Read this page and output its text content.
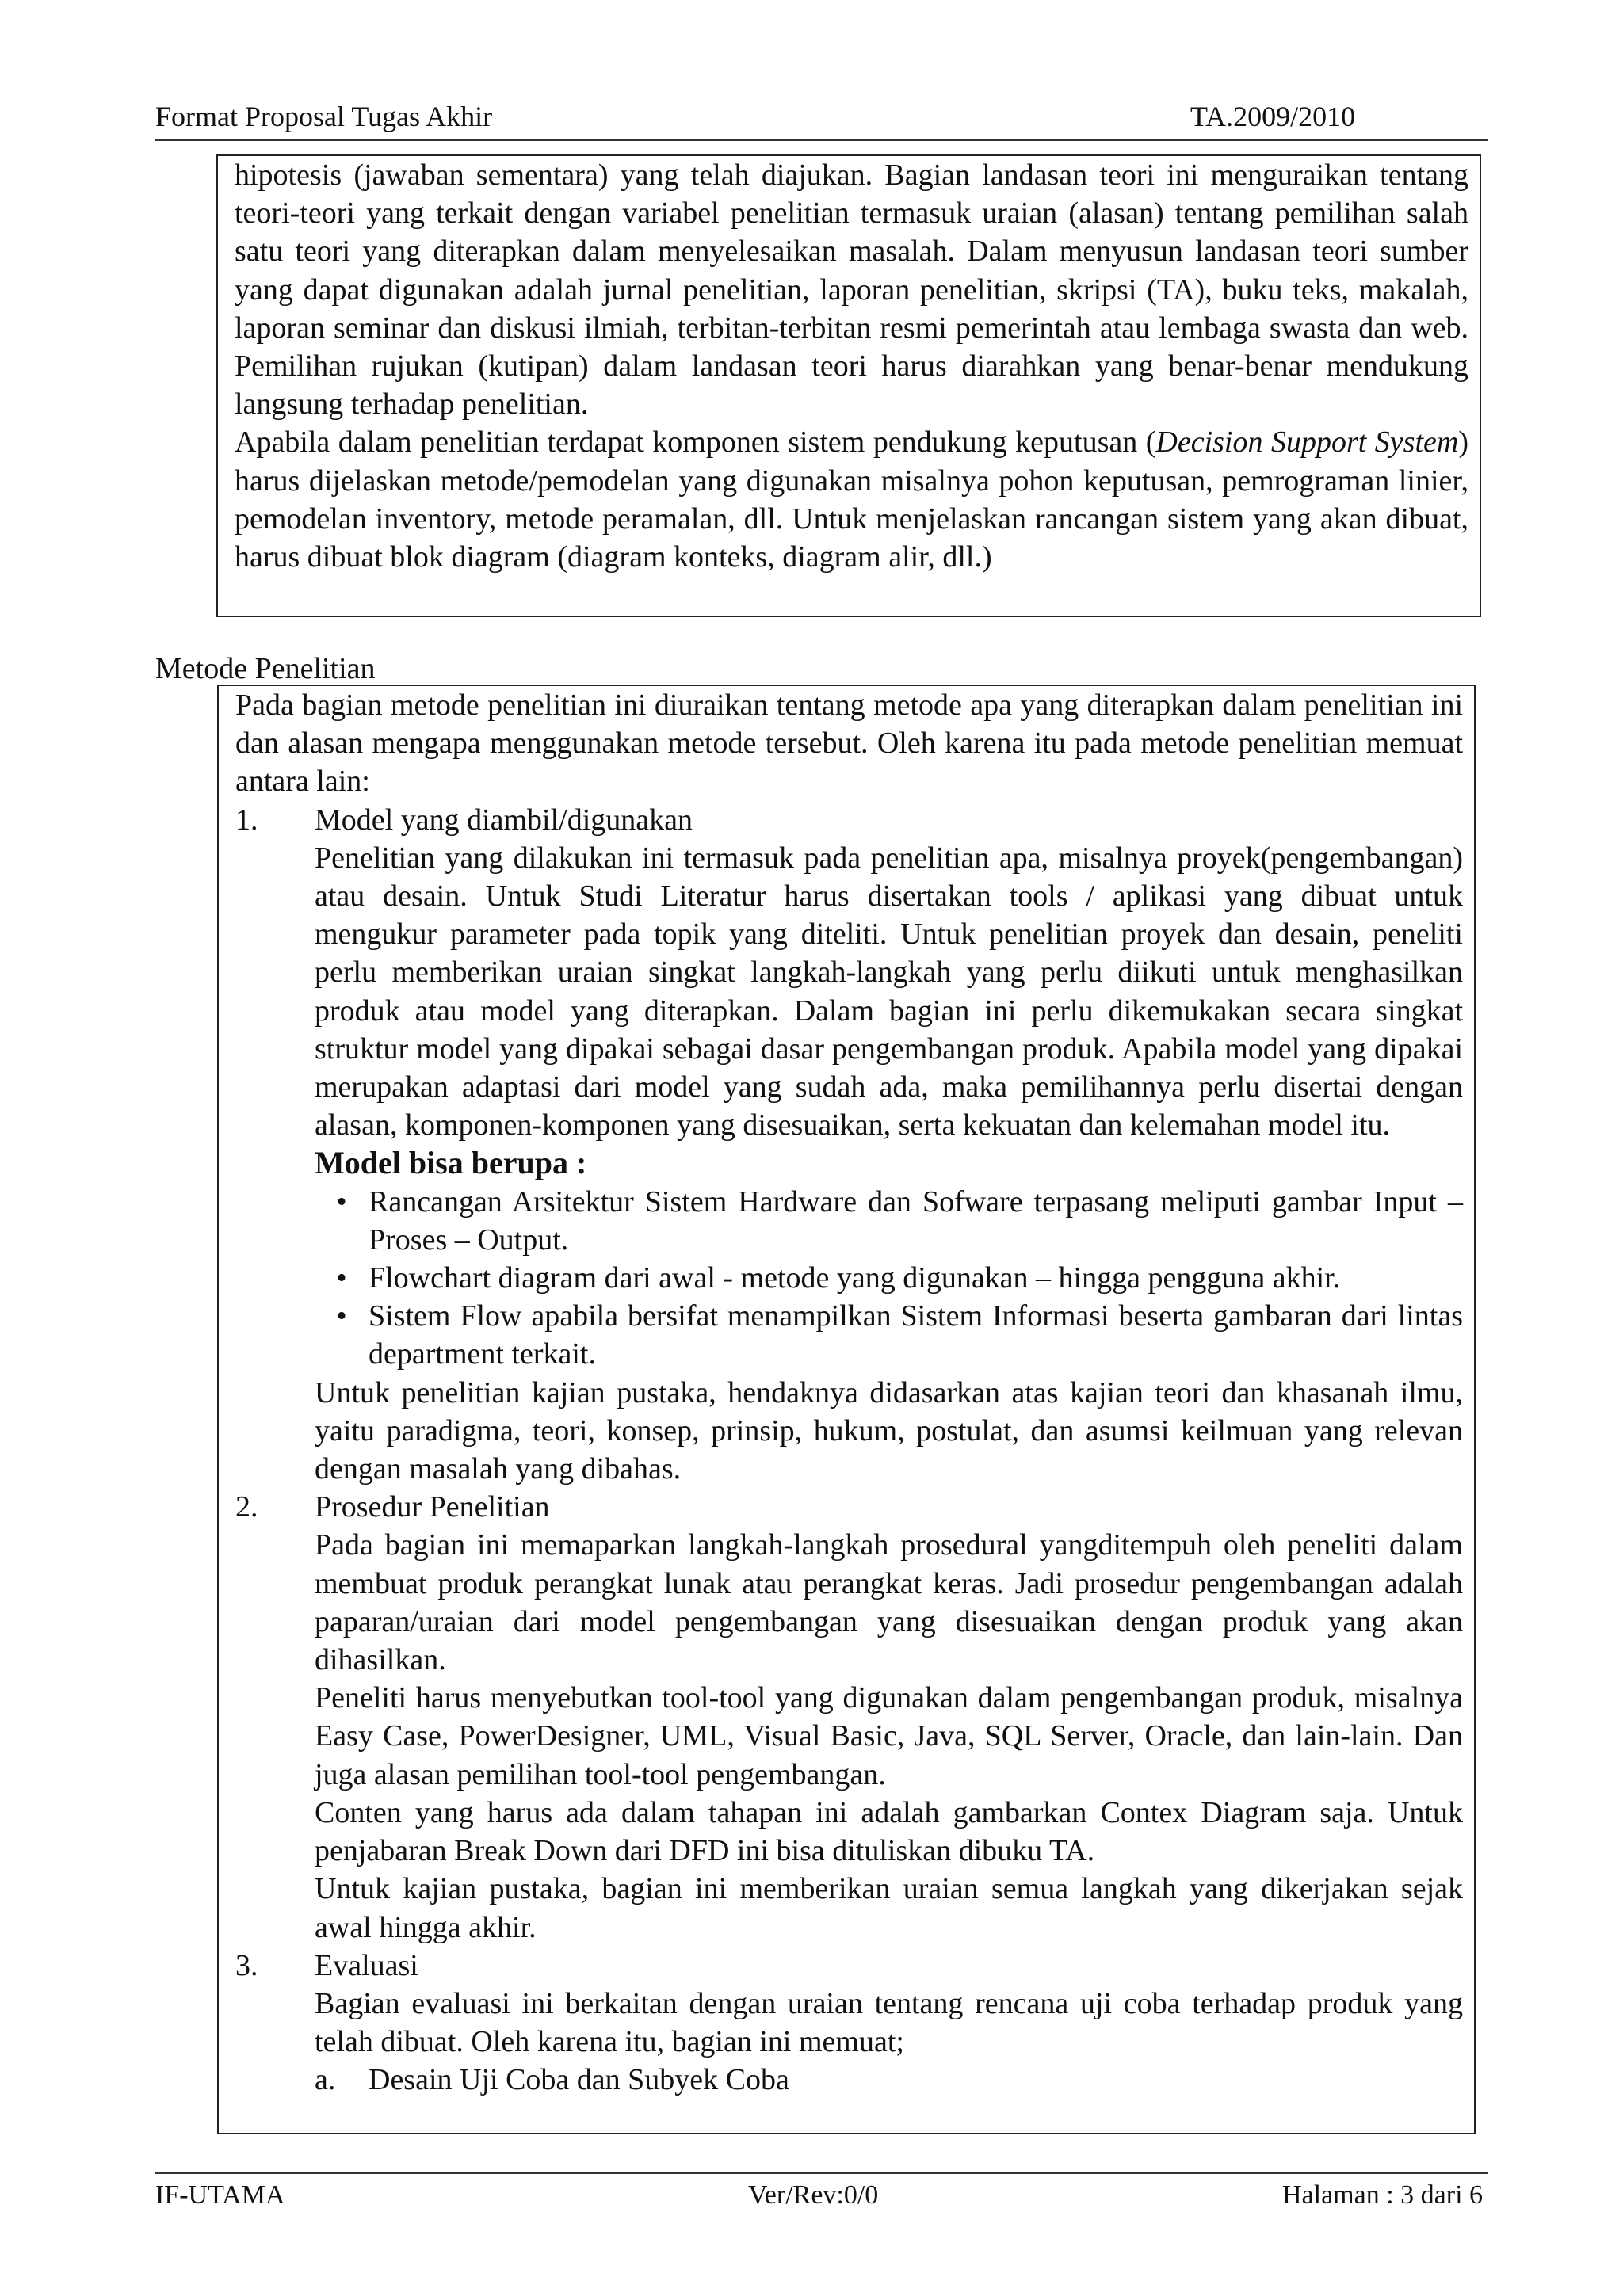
Format Proposal Tugas Akhir	TA.2009/2010
hipotesis (jawaban sementara) yang telah diajukan. Bagian landasan teori ini menguraikan tentang teori-teori yang terkait dengan variabel penelitian termasuk uraian (alasan) tentang pemilihan salah satu teori yang diterapkan dalam menyelesaikan masalah. Dalam menyusun landasan teori sumber yang dapat digunakan adalah jurnal penelitian, laporan penelitian, skripsi (TA), buku teks, makalah, laporan seminar dan diskusi ilmiah, terbitan-terbitan resmi pemerintah atau lembaga swasta dan web. Pemilihan rujukan (kutipan) dalam landasan teori harus diarahkan yang benar-benar mendukung langsung terhadap penelitian.
Apabila dalam penelitian terdapat komponen sistem pendukung keputusan (Decision Support System) harus dijelaskan metode/pemodelan yang digunakan misalnya pohon keputusan, pemrograman linier, pemodelan inventory, metode peramalan, dll. Untuk menjelaskan rancangan sistem yang akan dibuat, harus dibuat blok diagram (diagram konteks, diagram alir, dll.)
Metode Penelitian
Pada bagian metode penelitian ini diuraikan tentang metode apa yang diterapkan dalam penelitian ini dan alasan mengapa menggunakan metode tersebut. Oleh karena itu pada metode penelitian memuat antara lain:
1.	Model yang diambil/digunakan
Penelitian yang dilakukan ini termasuk pada penelitian apa, misalnya proyek(pengembangan) atau desain. Untuk Studi Literatur harus disertakan tools / aplikasi yang dibuat untuk mengukur parameter pada topik yang diteliti. Untuk penelitian proyek dan desain, peneliti perlu memberikan uraian singkat langkah-langkah yang perlu diikuti untuk menghasilkan produk atau model yang diterapkan. Dalam bagian ini perlu dikemukakan secara singkat struktur model yang dipakai sebagai dasar pengembangan produk. Apabila model yang dipakai merupakan adaptasi dari model yang sudah ada, maka pemilihannya perlu disertai dengan alasan, komponen-komponen yang disesuaikan, serta kekuatan dan kelemahan model itu.
Model bisa berupa :
• Rancangan Arsitektur Sistem Hardware dan Sofware terpasang meliputi gambar Input – Proses – Output.
• Flowchart diagram dari awal - metode yang digunakan – hingga pengguna akhir.
• Sistem Flow apabila bersifat menampilkan Sistem Informasi beserta gambaran dari lintas department terkait.
Untuk penelitian kajian pustaka, hendaknya didasarkan atas kajian teori dan khasanah ilmu, yaitu paradigma, teori, konsep, prinsip, hukum, postulat, dan asumsi keilmuan yang relevan dengan masalah yang dibahas.
2.	Prosedur Penelitian
Pada bagian ini memaparkan langkah-langkah prosedural yangditempuh oleh peneliti dalam membuat produk perangkat lunak atau perangkat keras. Jadi prosedur pengembangan adalah paparan/uraian dari model pengembangan yang disesuaikan dengan produk yang akan dihasilkan.
Peneliti harus menyebutkan tool-tool yang digunakan dalam pengembangan produk, misalnya Easy Case, PowerDesigner, UML, Visual Basic, Java, SQL Server, Oracle, dan lain-lain. Dan juga alasan pemilihan tool-tool pengembangan.
Conten yang harus ada dalam tahapan ini adalah gambarkan Contex Diagram saja. Untuk penjabaran Break Down dari DFD ini bisa dituliskan dibuku TA.
Untuk kajian pustaka, bagian ini memberikan uraian semua langkah yang dikerjakan sejak awal hingga akhir.
3.	Evaluasi
Bagian evaluasi ini berkaitan dengan uraian tentang rencana uji coba terhadap produk yang telah dibuat. Oleh karena itu, bagian ini memuat;
a.	Desain Uji Coba dan Subyek Coba
IF-UTAMA	Ver/Rev:0/0	Halaman : 3 dari 6
